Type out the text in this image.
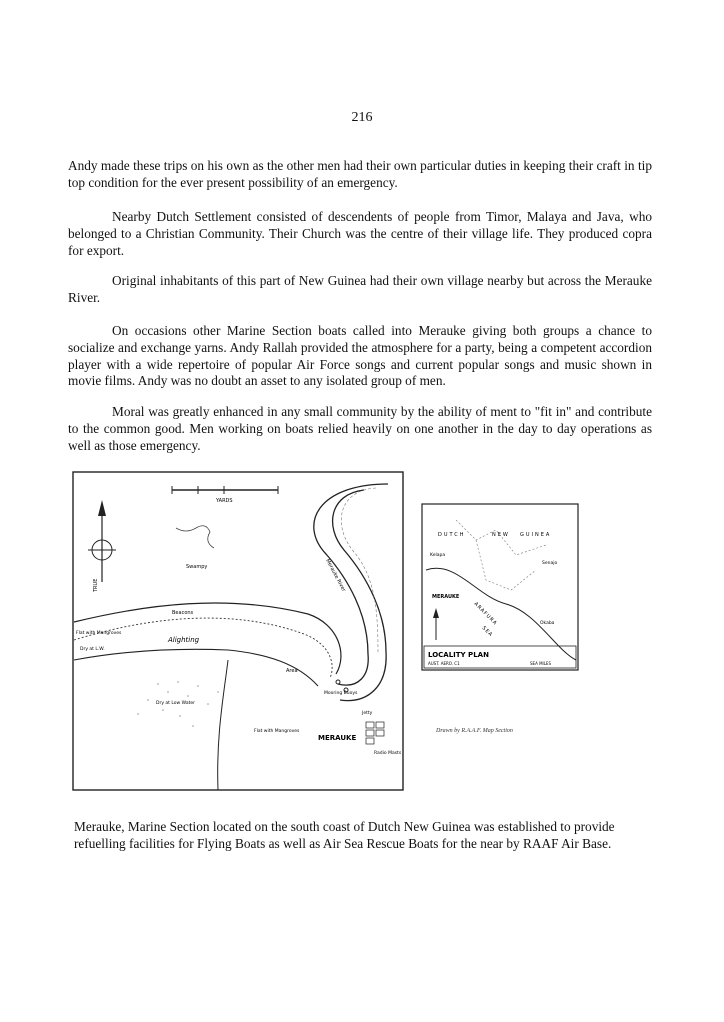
216

Andy made these trips on his own as the other men had their own particular duties in keeping their craft in tip top condition for the ever present possibility of an emergency.

Nearby Dutch Settlement consisted of descendents of people from Timor, Malaya and Java, who belonged to a Christian Community. Their Church was the centre of their village life. They produced copra for export.

Original inhabitants of this part of New Guinea had their own village nearby but across the Merauke River.

On occasions other Marine Section boats called into Merauke giving both groups a chance to socialize and exchange yarns. Andy Rallah provided the atmosphere for a party, being a competent accordion player with a wide repertoire of popular Air Force songs and current popular songs and music shown in movie films. Andy was no doubt an asset to any isolated group of men.

Moral was greatly enhanced in any small community by the ability of ment to "fit in" and contribute to the common good. Men working on boats relied heavily on one another in the day to day operations as well as those emergency.

YARDS
TRUE
Swampy	Merauke River
Beacons
Flat with Mangroves
Dry at L.W.
Alighting
Area
Dry at Low Water
Flat with Mangroves
Mooring Buoys
Jetty
MERAUKE
Radio Masts
DUTCH	NEW GUINEA
Kelapa
Senajo
MERAUKE
ARAFURA
SEA
Okaba
LOCALITY PLAN
AUST. AERO. C1	SEA MILES
Drawn by R.A.A.F. Map Section

Merauke, Marine Section located on the south coast of Dutch New Guinea was established to provide refuelling facilities for Flying Boats as well as Air Sea Rescue Boats for the near by RAAF Air Base.
